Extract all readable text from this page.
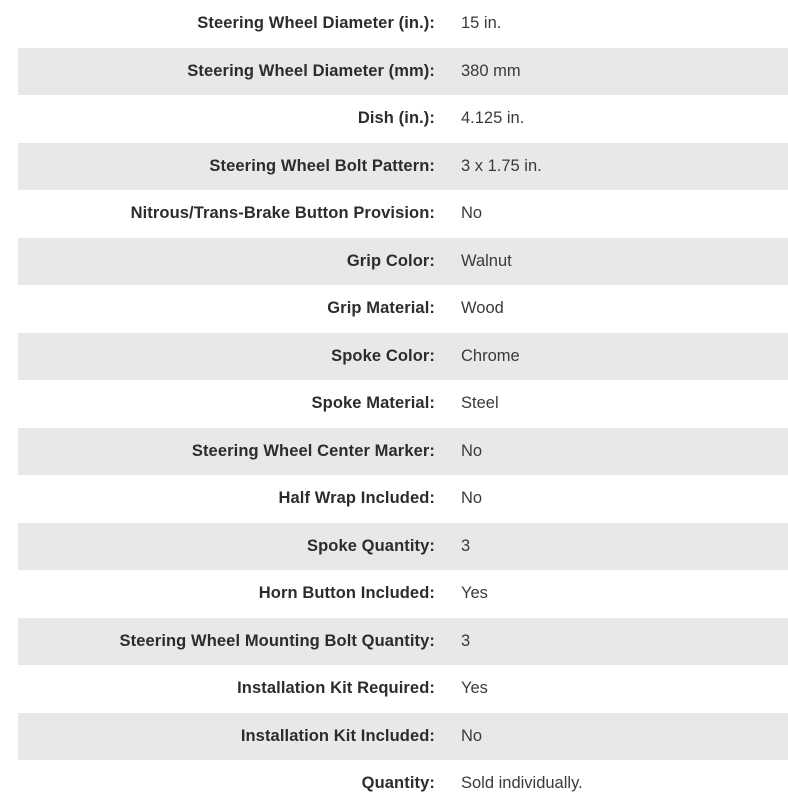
Steering Wheel Diameter (in.): 15 in.
Steering Wheel Diameter (mm): 380 mm
Dish (in.): 4.125 in.
Steering Wheel Bolt Pattern: 3 x 1.75 in.
Nitrous/Trans-Brake Button Provision: No
Grip Color: Walnut
Grip Material: Wood
Spoke Color: Chrome
Spoke Material: Steel
Steering Wheel Center Marker: No
Half Wrap Included: No
Spoke Quantity: 3
Horn Button Included: Yes
Steering Wheel Mounting Bolt Quantity: 3
Installation Kit Required: Yes
Installation Kit Included: No
Quantity: Sold individually.
